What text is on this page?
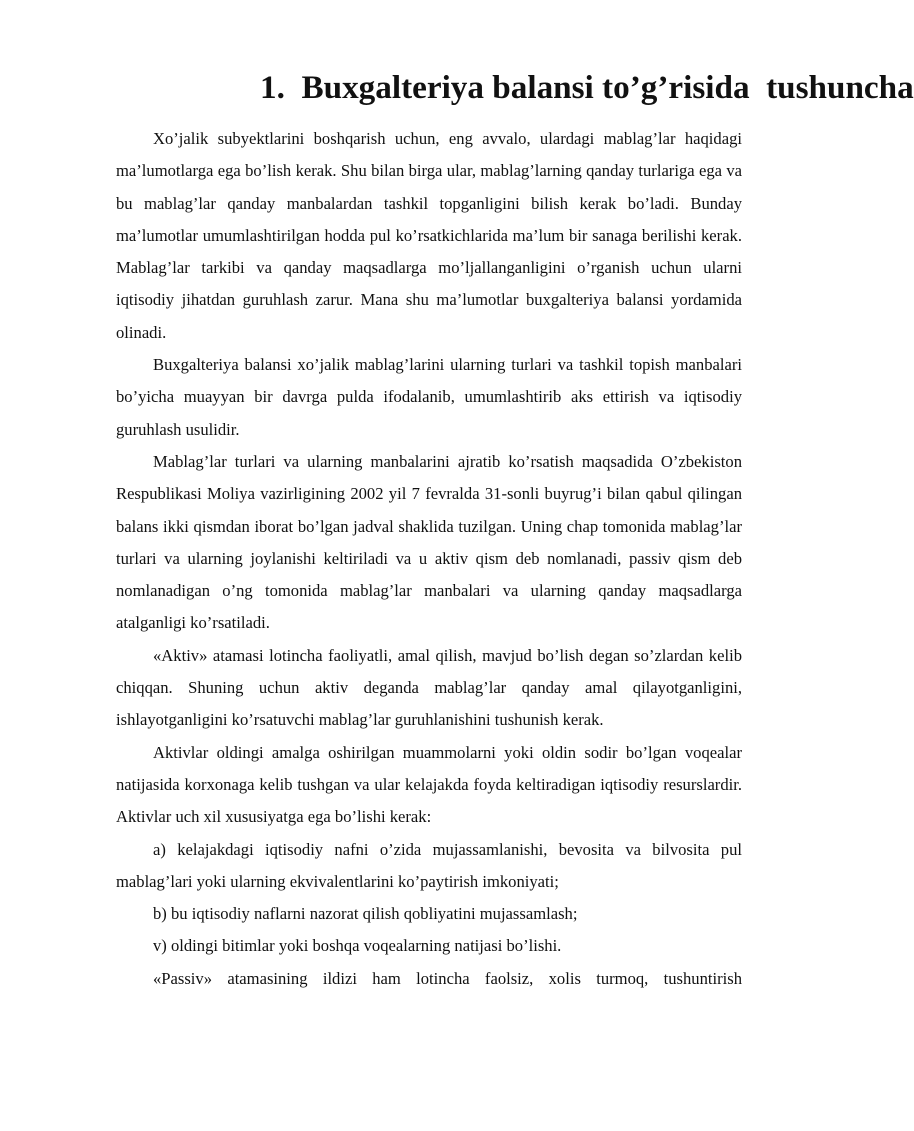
1.  Buxgalteriya balansi to’g’risida  tushuncha

Xo’jalik subyektlarini boshqarish uchun, eng avvalo, ulardagi mablag’lar haqidagi ma’lumotlarga ega bo’lish kerak. Shu bilan birga ular, mablag’larning qanday turlariga ega va bu mablag’lar qanday manbalardan tashkil topganligini bilish kerak bo’ladi. Bunday ma’lumotlar umumlashtirilgan hodda pul ko’rsatkichlarida ma’lum bir sanaga berilishi kerak. Mablag’lar tarkibi va qanday maqsadlarga mo’ljallanganligini o’rganish uchun ularni iqtisodiy jihatdan guruhlash zarur. Mana shu ma’lumotlar buxgalteriya balansi yordamida olinadi.

Buxgalteriya balansi xo’jalik mablag’larini ularning turlari va tashkil topish manbalari bo’yicha muayyan bir davrga pulda ifodalanib, umumlashtirib aks ettirish va iqtisodiy guruhlash usulidir.

Mablag’lar turlari va ularning manbalarini ajratib ko’rsatish maqsadida O’zbekiston Respublikasi Moliya vazirligining 2002 yil 7 fevralda 31-sonli buyrug’i bilan qabul qilingan balans ikki qismdan iborat bo’lgan jadval shaklida tuzilgan. Uning chap tomonida mablag’lar turlari va ularning joylanishi keltiriladi va u aktiv qism deb nomlanadi, passiv qism deb nomlanadigan o’ng tomonida mablag’lar manbalari va ularning qanday maqsadlarga atalganligi ko’rsatiladi.

«Aktiv» atamasi lotincha faoliyatli, amal qilish, mavjud bo’lish degan so’zlardan kelib chiqqan. Shuning uchun aktiv deganda mablag’lar qanday amal qilayotganligini, ishlayotganligini ko’rsatuvchi mablag’lar guruhlanishini tushunish kerak.

Aktivlar oldingi amalga oshirilgan muammolarni yoki oldin sodir bo’lgan voqealar natijasida korxonaga kelib tushgan va ular kelajakda foyda keltiradigan iqtisodiy resurslardir. Aktivlar uch xil xususiyatga ega bo’lishi kerak:

a) kelajakdagi iqtisodiy nafni o’zida mujassamlanishi, bevosita va bilvosita pul mablag’lari yoki ularning ekvivalentlarini ko’paytirish imkoniyati;

b) bu iqtisodiy naflarni nazorat qilish qobliyatini mujassamlash;

v) oldingi bitimlar yoki boshqa voqealarning natijasi bo’lishi.

«Passiv» atamasining ildizi ham lotincha faolsiz, xolis turmoq, tushuntirish
